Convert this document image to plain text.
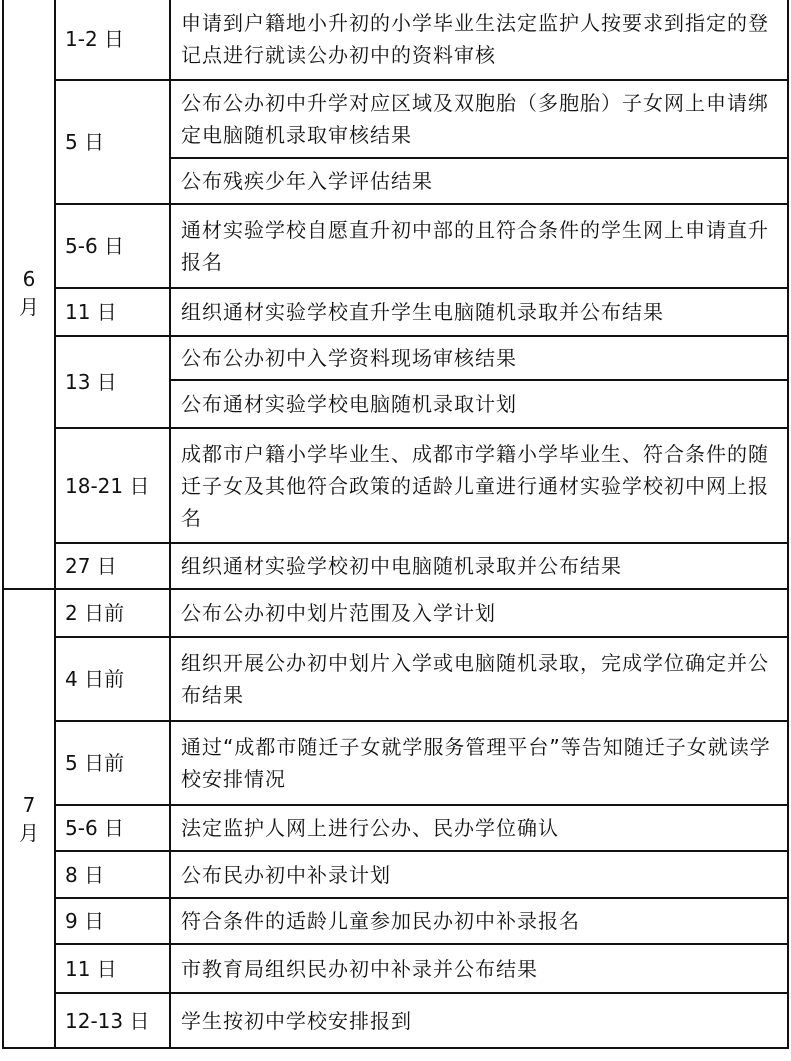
6
月	1-2 日	申请到户籍地小升初的小学毕业生法定监护人按要求到指定的登记点进行就读公办初中的资料审核
	5 日	公布公办初中升学对应区域及双胞胎（多胞胎）子女网上申请绑定电脑随机录取审核结果
		公布残疾少年入学评估结果
	5-6 日	通材实验学校自愿直升初中部的且符合条件的学生网上申请直升报名
	11 日	组织通材实验学校直升学生电脑随机录取并公布结果
	13 日	公布公办初中入学资料现场审核结果
		公布通材实验学校电脑随机录取计划
	18-21 日	成都市户籍小学毕业生、成都市学籍小学毕业生、符合条件的随迁子女及其他符合政策的适龄儿童进行通材实验学校初中网上报名
	27 日	组织通材实验学校初中电脑随机录取并公布结果

7
月	2 日前	公布公办初中划片范围及入学计划
	4 日前	组织开展公办初中划片入学或电脑随机录取，完成学位确定并公布结果
	5 日前	通过“成都市随迁子女就学服务管理平台”等告知随迁子女就读学校安排情况
	5-6 日	法定监护人网上进行公办、民办学位确认
	8 日	公布民办初中补录计划
	9 日	符合条件的适龄儿童参加民办初中补录报名
	11 日	市教育局组织民办初中补录并公布结果
	12-13 日	学生按初中学校安排报到
